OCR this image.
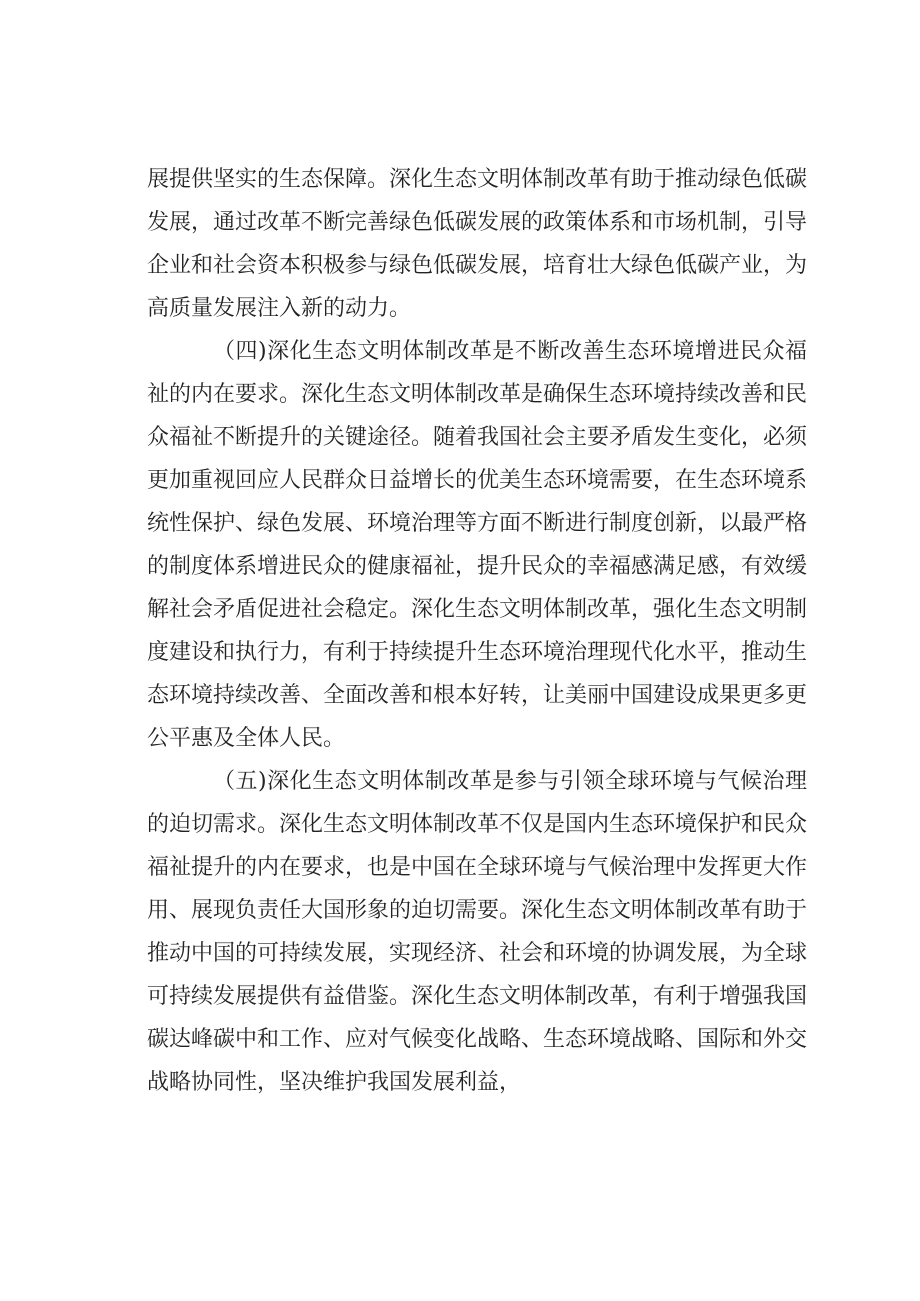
展提供坚实的生态保障。深化生态文明体制改革有助于推动绿色低碳发展，通过改革不断完善绿色低碳发展的政策体系和市场机制，引导企业和社会资本积极参与绿色低碳发展，培育壮大绿色低碳产业，为高质量发展注入新的动力。

（四)深化生态文明体制改革是不断改善生态环境增进民众福祉的内在要求。深化生态文明体制改革是确保生态环境持续改善和民众福祉不断提升的关键途径。随着我国社会主要矛盾发生变化，必须更加重视回应人民群众日益增长的优美生态环境需要，在生态环境系统性保护、绿色发展、环境治理等方面不断进行制度创新，以最严格的制度体系增进民众的健康福祉，提升民众的幸福感满足感，有效缓解社会矛盾促进社会稳定。深化生态文明体制改革，强化生态文明制度建设和执行力，有利于持续提升生态环境治理现代化水平，推动生态环境持续改善、全面改善和根本好转，让美丽中国建设成果更多更公平惠及全体人民。

（五)深化生态文明体制改革是参与引领全球环境与气候治理的迫切需求。深化生态文明体制改革不仅是国内生态环境保护和民众福祉提升的内在要求，也是中国在全球环境与气候治理中发挥更大作用、展现负责任大国形象的迫切需要。深化生态文明体制改革有助于推动中国的可持续发展，实现经济、社会和环境的协调发展，为全球可持续发展提供有益借鉴。深化生态文明体制改革，有利于增强我国碳达峰碳中和工作、应对气候变化战略、生态环境战略、国际和外交战略协同性，坚决维护我国发展利益，
